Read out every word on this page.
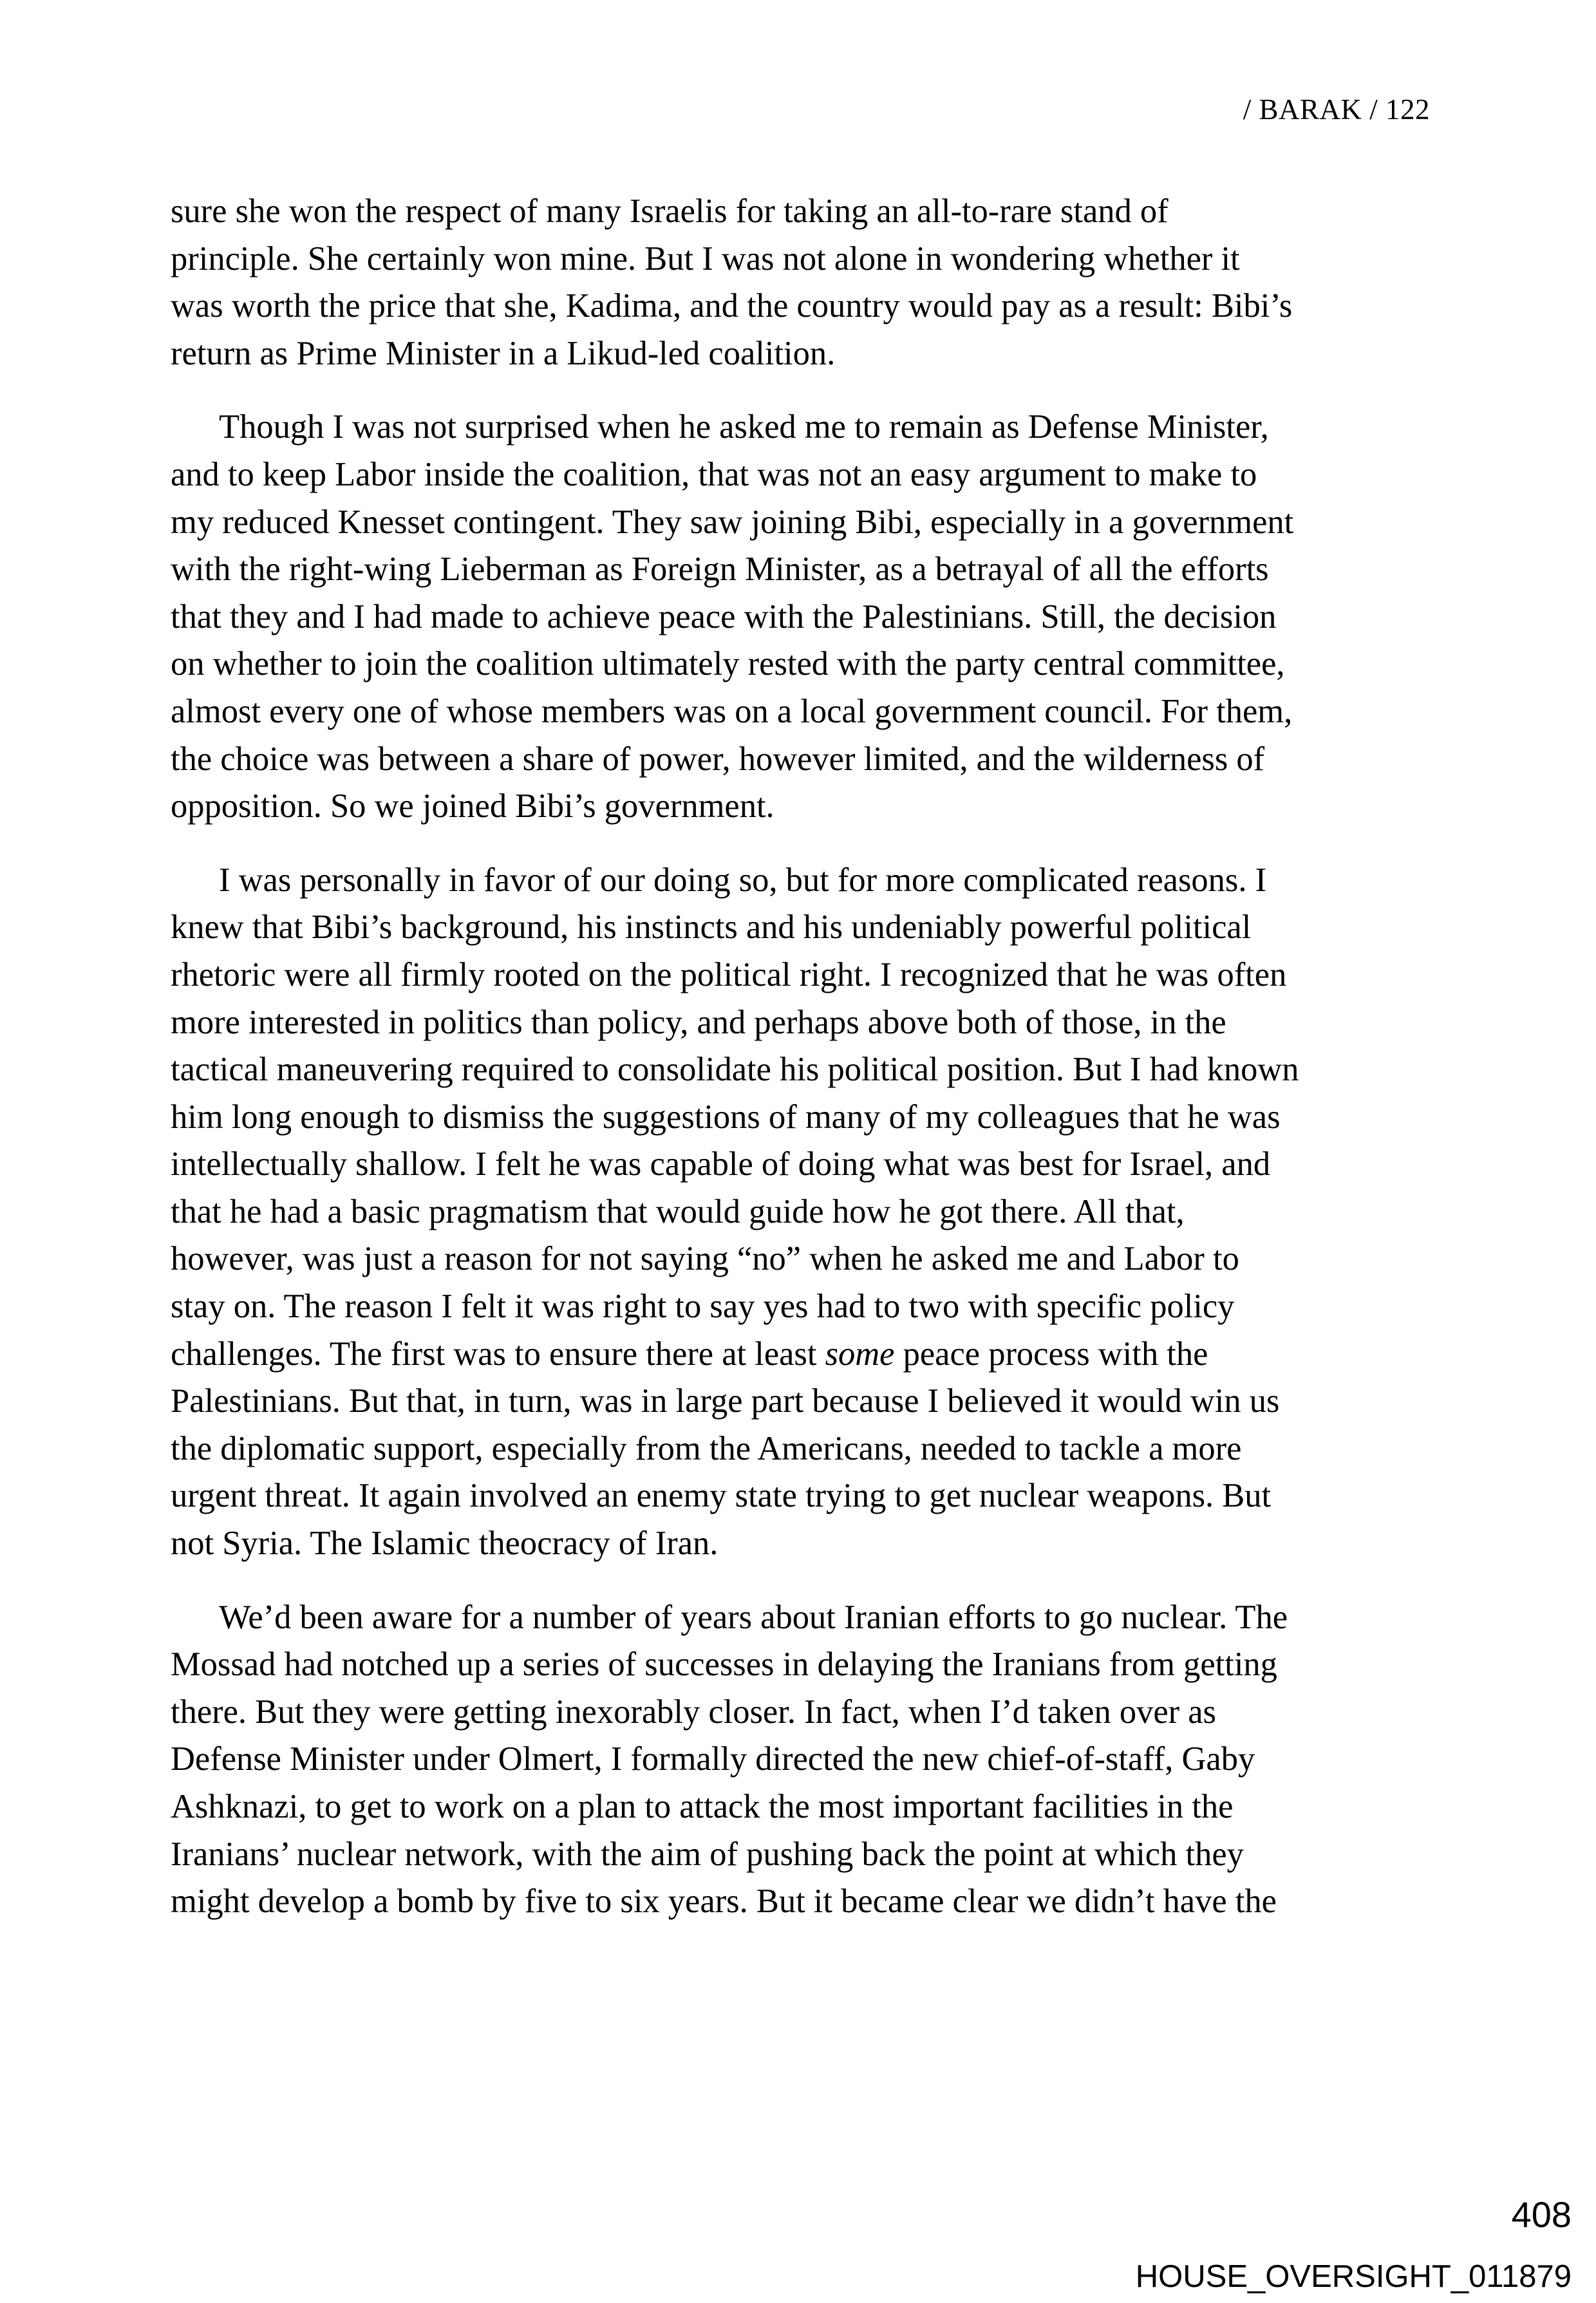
/ BARAK / 122

sure she won the respect of many Israelis for taking an all-to-rare stand of
principle. She certainly won mine. But I was not alone in wondering whether it
was worth the price that she, Kadima, and the country would pay as a result: Bibi’s
return as Prime Minister in a Likud-led coalition.

Though I was not surprised when he asked me to remain as Defense Minister,
and to keep Labor inside the coalition, that was not an easy argument to make to
my reduced Knesset contingent. They saw joining Bibi, especially in a government
with the right-wing Lieberman as Foreign Minister, as a betrayal of all the efforts
that they and I had made to achieve peace with the Palestinians. Still, the decision
on whether to join the coalition ultimately rested with the party central committee,
almost every one of whose members was on a local government council. For them,
the choice was between a share of power, however limited, and the wilderness of
opposition. So we joined Bibi’s government.

I was personally in favor of our doing so, but for more complicated reasons. I
knew that Bibi’s background, his instincts and his undeniably powerful political
rhetoric were all firmly rooted on the political right. I recognized that he was often
more interested in politics than policy, and perhaps above both of those, in the
tactical maneuvering required to consolidate his political position. But I had known
him long enough to dismiss the suggestions of many of my colleagues that he was
intellectually shallow. I felt he was capable of doing what was best for Israel, and
that he had a basic pragmatism that would guide how he got there. All that,
however, was just a reason for not saying “no” when he asked me and Labor to
stay on. The reason I felt it was right to say yes had to two with specific policy
challenges. The first was to ensure there at least some peace process with the
Palestinians. But that, in turn, was in large part because I believed it would win us
the diplomatic support, especially from the Americans, needed to tackle a more
urgent threat. It again involved an enemy state trying to get nuclear weapons. But
not Syria. The Islamic theocracy of Iran.

We’d been aware for a number of years about Iranian efforts to go nuclear. The
Mossad had notched up a series of successes in delaying the Iranians from getting
there. But they were getting inexorably closer. In fact, when I’d taken over as
Defense Minister under Olmert, I formally directed the new chief-of-staff, Gaby
Ashknazi, to get to work on a plan to attack the most important facilities in the
Iranians’ nuclear network, with the aim of pushing back the point at which they
might develop a bomb by five to six years. But it became clear we didn’t have the

408
HOUSE_OVERSIGHT_011879
